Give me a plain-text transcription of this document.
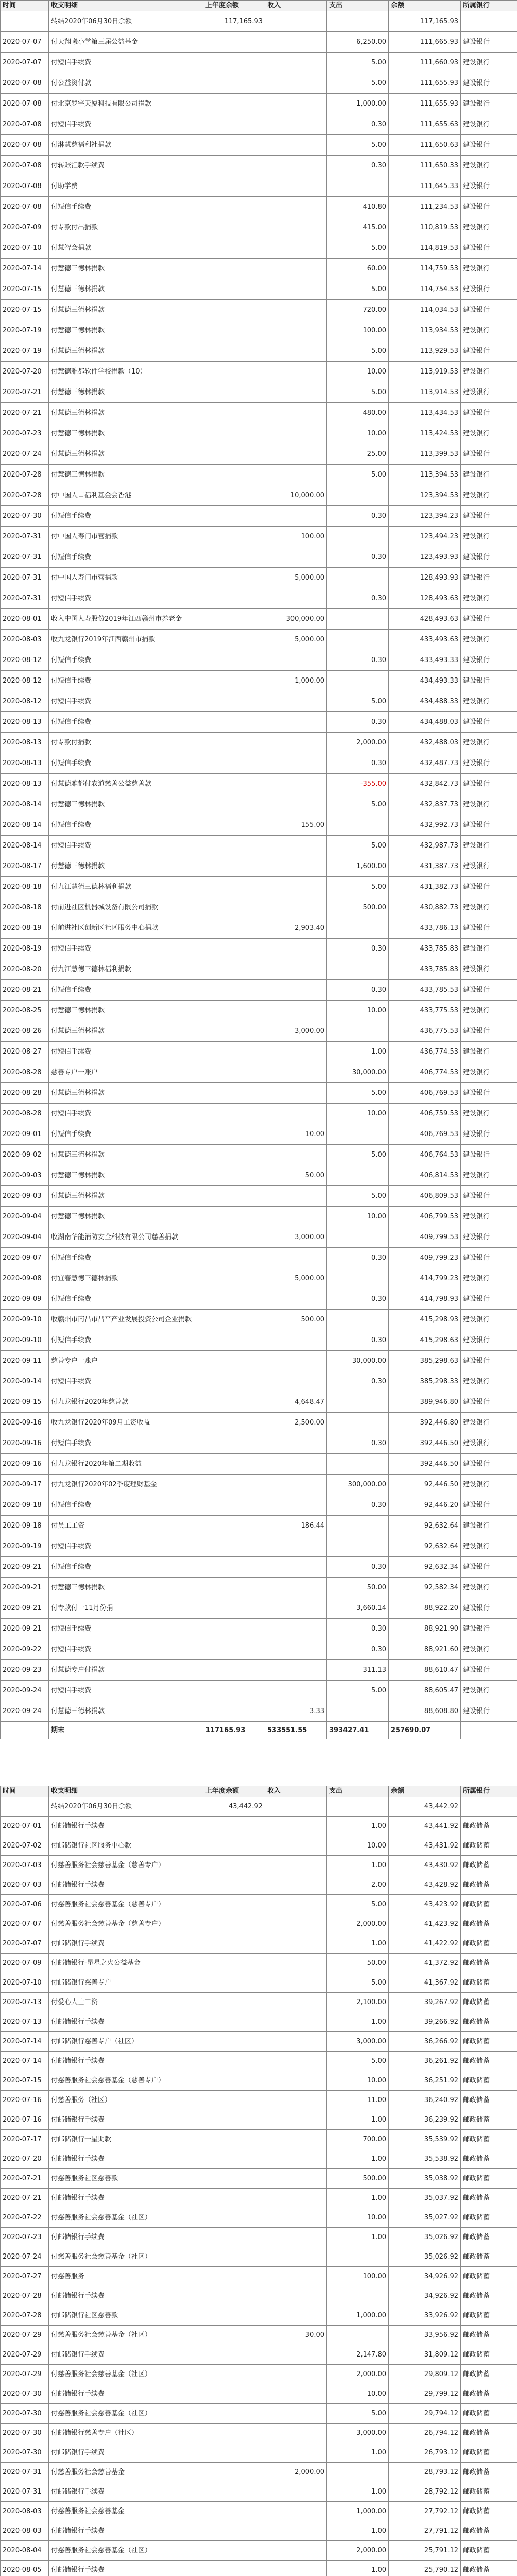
时间	收支明细	上年度余额	收入	支出	余额	所属银行
	转结2020年06月30日余额	117,165.93			117,165.93	
2020-07-07	付天翔曦小学第三届公益基金			6,250.00	111,665.93	建设银行
2020-07-07	付短信手续费			5.00	111,660.93	建设银行
2020-07-08	付公益资付款			5.00	111,655.93	建设银行
2020-07-08	付北京罗宇天厦科技有限公司捐款			1,000.00	111,655.93	建设银行
2020-07-08	付短信手续费			0.30	111,655.63	建设银行
2020-07-08	付淋慧慈福利社捐款			5.00	111,650.63	建设银行
2020-07-08	付转账汇款手续费			0.30	111,650.33	建设银行
2020-07-08	付助学费				111,645.33	建设银行
2020-07-08	付短信手续费			410.80	111,234.53	建设银行
2020-07-09	付专款付出捐款			415.00	110,819.53	建设银行
2020-07-10	付慧智会捐款			5.00	114,819.53	建设银行
2020-07-14	付慧德三德林捐款			60.00	114,759.53	建设银行
2020-07-15	付慧德三德林捐款			5.00	114,754.53	建设银行
2020-07-15	付慧德三德林捐款			720.00	114,034.53	建设银行
2020-07-19	付慧德三德林捐款			100.00	113,934.53	建设银行
2020-07-19	付慧德三德林捐款			5.00	113,929.53	建设银行
2020-07-20	付慧德雅都软件学校捐款（10）			10.00	113,919.53	建设银行
2020-07-21	付慧德三德林捐款			5.00	113,914.53	建设银行
2020-07-21	付慧德三德林捐款			480.00	113,434.53	建设银行
2020-07-23	付慧德三德林捐款			10.00	113,424.53	建设银行
2020-07-24	付慧德三德林捐款			25.00	113,399.53	建设银行
2020-07-28	付慧德三德林捐款			5.00	113,394.53	建设银行
2020-07-28	付中国人口福利基金会香港		10,000.00		123,394.53	建设银行
2020-07-30	付短信手续费			0.30	123,394.23	建设银行
2020-07-31	付中国人寿门市营捐款		100.00		123,494.23	建设银行
2020-07-31	付短信手续费			0.30	123,493.93	建设银行
2020-07-31	付中国人寿门市营捐款		5,000.00		128,493.93	建设银行
2020-07-31	付短信手续费			0.30	128,493.63	建设银行
2020-08-01	收入中国人寿股份2019年江西赣州市养老金		300,000.00		428,493.63	建设银行
2020-08-03	收九龙银行2019年江西赣州市捐款		5,000.00		433,493.63	建设银行
2020-08-12	付短信手续费			0.30	433,493.33	建设银行
2020-08-12	付短信手续费		1,000.00		434,493.33	建设银行
2020-08-12	付短信手续费			5.00	434,488.33	建设银行
2020-08-13	付短信手续费			0.30	434,488.03	建设银行
2020-08-13	付专款付捐款			2,000.00	432,488.03	建设银行
2020-08-13	付短信手续费			0.30	432,487.73	建设银行
2020-08-13	付慧德雅都付农道慈善公益慈善款			-355.00	432,842.73	建设银行
2020-08-14	付慧德三德林捐款			5.00	432,837.73	建设银行
2020-08-14	付短信手续费		155.00		432,992.73	建设银行
2020-08-14	付短信手续费			5.00	432,987.73	建设银行
2020-08-17	付慧德三德林捐款			1,600.00	431,387.73	建设银行
2020-08-18	付九江慧德三德林福利捐款			5.00	431,382.73	建设银行
2020-08-18	付前进社区机器城设备有限公司捐款			500.00	430,882.73	建设银行
2020-08-19	付前进社区创新区社区服务中心捐款		2,903.40		433,786.13	建设银行
2020-08-19	付短信手续费			0.30	433,785.83	建设银行
2020-08-20	付九江慧德三德林福利捐款				433,785.83	建设银行
2020-08-21	付短信手续费			0.30	433,785.53	建设银行
2020-08-25	付慧德三德林捐款			10.00	433,775.53	建设银行
2020-08-26	付慧德三德林捐款		3,000.00		436,775.53	建设银行
2020-08-27	付短信手续费			1.00	436,774.53	建设银行
2020-08-28	慈善专户一账户			30,000.00	406,774.53	建设银行
2020-08-28	付慧德三德林捐款			5.00	406,769.53	建设银行
2020-08-28	付短信手续费			10.00	406,759.53	建设银行
2020-09-01	付短信手续费		10.00		406,769.53	建设银行
2020-09-02	付慧德三德林捐款			5.00	406,764.53	建设银行
2020-09-03	付慧德三德林捐款		50.00		406,814.53	建设银行
2020-09-03	付慧德三德林捐款			5.00	406,809.53	建设银行
2020-09-04	付慧德三德林捐款			10.00	406,799.53	建设银行
2020-09-04	收湖南华能消防安全科技有限公司慈善捐款		3,000.00		409,799.53	建设银行
2020-09-07	付短信手续费			0.30	409,799.23	建设银行
2020-09-08	付宜春慧德三德林捐款		5,000.00		414,799.23	建设银行
2020-09-09	付短信手续费			0.30	414,798.93	建设银行
2020-09-10	收赣州市南昌市昌平产业发展投资公司企业捐款		500.00		415,298.93	建设银行
2020-09-10	付短信手续费			0.30	415,298.63	建设银行
2020-09-11	慈善专户一账户			30,000.00	385,298.63	建设银行
2020-09-14	付短信手续费			0.30	385,298.33	建设银行
2020-09-15	付九龙银行2020年慈善款		4,648.47		389,946.80	建设银行
2020-09-16	收九龙银行2020年09月工资收益		2,500.00		392,446.80	建设银行
2020-09-16	付短信手续费			0.30	392,446.50	建设银行
2020-09-16	付九龙银行2020年第二期收益				392,446.50	建设银行
2020-09-17	付九龙银行2020年02季度理财基金			300,000.00	92,446.50	建设银行
2020-09-18	付短信手续费			0.30	92,446.20	建设银行
2020-09-18	付员工工资		186.44		92,632.64	建设银行
2020-09-19	付短信手续费				92,632.64	建设银行
2020-09-21	付短信手续费			0.30	92,632.34	建设银行
2020-09-21	付慧德三德林捐款			50.00	92,582.34	建设银行
2020-09-21	付专款付一11月份捐			3,660.14	88,922.20	建设银行
2020-09-21	付短信手续费			0.30	88,921.90	建设银行
2020-09-22	付短信手续费			0.30	88,921.60	建设银行
2020-09-23	付慧德专户付捐款			311.13	88,610.47	建设银行
2020-09-24	付短信手续费			5.00	88,605.47	建设银行
2020-09-24	付慧德三德林捐款		3.33		88,608.80	建设银行
	期末	117165.93	533551.55	393427.41	257690.07	
时间	收支明细	上年度余额	收入	支出	余额	所属银行
	转结2020年06月30日余额	43,442.92			43,442.92	
2020-07-01	付邮储银行手续费			1.00	43,441.92	邮政储蓄
2020-07-02	付邮储银行社区服务中心款			10.00	43,431.92	邮政储蓄
2020-07-03	付慈善服务社会慈善基金（慈善专户）			1.00	43,430.92	邮政储蓄
2020-07-03	付邮储银行手续费			2.00	43,428.92	邮政储蓄
2020-07-06	付慈善服务社会慈善基金（慈善专户）			5.00	43,423.92	邮政储蓄
2020-07-07	付慈善服务社会慈善基金（慈善专户）			2,000.00	41,423.92	邮政储蓄
2020-07-07	付邮储银行手续费			1.00	41,422.92	邮政储蓄
2020-07-09	付邮储银行-星星之火公益基金			50.00	41,372.92	邮政储蓄
2020-07-10	付邮储银行慈善专户			5.00	41,367.92	邮政储蓄
2020-07-13	付爱心人士工资			2,100.00	39,267.92	邮政储蓄
2020-07-13	付邮储银行手续费			1.00	39,266.92	邮政储蓄
2020-07-14	付邮储银行慈善专户（社区）			3,000.00	36,266.92	邮政储蓄
2020-07-14	付邮储银行手续费			5.00	36,261.92	邮政储蓄
2020-07-15	付慈善服务社会慈善基金（慈善专户）			10.00	36,251.92	邮政储蓄
2020-07-16	付慈善服务（社区）			11.00	36,240.92	邮政储蓄
2020-07-16	付邮储银行手续费			1.00	36,239.92	邮政储蓄
2020-07-17	付邮储银行一星期款			700.00	35,539.92	邮政储蓄
2020-07-20	付邮储银行手续费			1.00	35,538.92	邮政储蓄
2020-07-21	付慈善服务社区慈善款			500.00	35,038.92	邮政储蓄
2020-07-21	付邮储银行手续费			1.00	35,037.92	邮政储蓄
2020-07-22	付慈善服务社会慈善基金（社区）			10.00	35,027.92	邮政储蓄
2020-07-23	付邮储银行手续费			1.00	35,026.92	邮政储蓄
2020-07-24	付慈善服务社会慈善基金（社区）				35,026.92	邮政储蓄
2020-07-27	付慈善服务			100.00	34,926.92	邮政储蓄
2020-07-28	付邮储银行手续费				34,926.92	邮政储蓄
2020-07-28	付邮储银行社区慈善款			1,000.00	33,926.92	邮政储蓄
2020-07-29	付慈善服务社会慈善基金（社区）		30.00		33,956.92	邮政储蓄
2020-07-29	付邮储银行手续费			2,147.80	31,809.12	邮政储蓄
2020-07-29	付慈善服务社会慈善基金（社区）			2,000.00	29,809.12	邮政储蓄
2020-07-30	付邮储银行手续费			10.00	29,799.12	邮政储蓄
2020-07-30	付慈善服务社会慈善基金（社区）			5.00	29,794.12	邮政储蓄
2020-07-30	付邮储银行慈善专户（社区）			3,000.00	26,794.12	邮政储蓄
2020-07-30	付邮储银行手续费			1.00	26,793.12	邮政储蓄
2020-07-31	付慈善服务社会慈善基金		2,000.00		28,793.12	邮政储蓄
2020-07-31	付邮储银行手续费			1.00	28,792.12	邮政储蓄
2020-08-03	付慈善服务社会慈善基金			1,000.00	27,792.12	邮政储蓄
2020-08-03	付邮储银行手续费			1.00	27,791.12	邮政储蓄
2020-08-04	付慈善服务社会慈善基金（社区）			2,000.00	25,791.12	邮政储蓄
2020-08-05	付邮储银行手续费			1.00	25,790.12	邮政储蓄
